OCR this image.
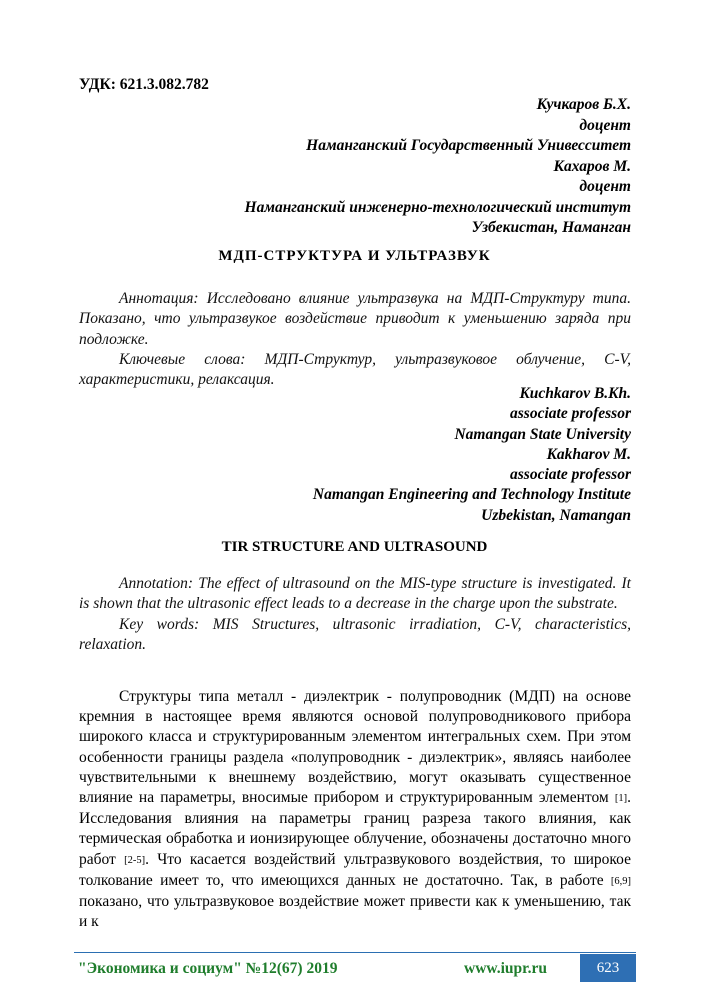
УДК: 621.3.082.782
Кучкаров Б.Х.
доцент
Наманганский Государственный Унивесситет
Кахаров М.
доцент
Наманганский инженерно-технологический институт
Узбекистан, Наманган
МДП-СТРУКТУРА И УЛЬТРАЗВУК

Аннотация: Исследовано влияние ультразвука на МДП-Структуру типа. Показано, что ультразвукое воздействие приводит к уменьшению заряда при подложке.

Ключевые слова: МДП-Структур, ультразвуковое облучение, C-V, характеристики, релаксация.

Kuchkarov B.Kh.
associate professor
Namangan State University
Kakharov M.
associate professor
Namangan Engineering and Technology Institute
Uzbekistan, Namangan
TIR STRUCTURE AND ULTRASOUND

Annotation: The effect of ultrasound on the MIS-type structure is investigated. It is shown that the ultrasonic effect leads to a decrease in the charge upon the substrate.

Key words: MIS Structures, ultrasonic irradiation, C-V, characteristics, relaxation.

Структуры типа металл - диэлектрик - полупроводник (МДП) на основе кремния в настоящее время являются основой полупроводникового прибора широкого класса и структурированным элементом интегральных схем. При этом особенности границы раздела «полупроводник - диэлектрик», являясь наиболее чувствительными к внешнему воздействию, могут оказывать существенное влияние на параметры, вносимые прибором и структурированным элементом [1]. Исследования влияния на параметры границ разреза такого влияния, как термическая обработка и ионизирующее облучение, обозначены достаточно много работ [2-5]. Что касается воздействий ультразвукового воздействия, то широкое толкование имеет то, что имеющихся данных не достаточно. Так, в работе [6,9] показано, что ультразвуковое воздействие может привести как к уменьшению, так и к

"Экономика и социум" №12(67) 2019	www.iupr.ru	623
